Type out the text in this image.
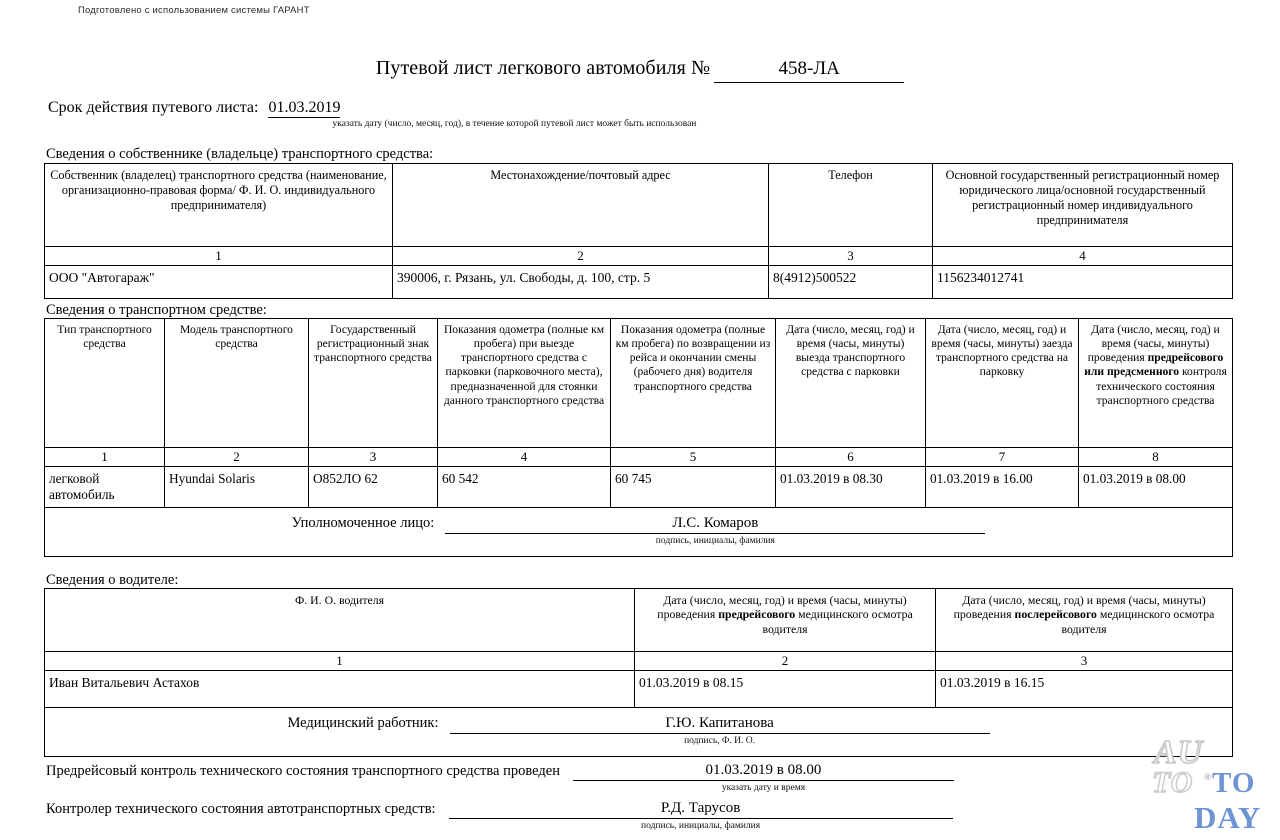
Подготовлено с использованием системы ГАРАНТ
Путевой лист легкового автомобиля №	458-ЛА
Срок действия путевого листа: 01.03.2019
указать дату (число, месяц, год), в течение которой путевой лист может быть использован
Сведения о собственнике (владельце) транспортного средства:
Собственник (владелец) транспортного средства (наименование, организационно-правовая форма/ Ф. И. О. индивидуального предпринимателя)	Местонахождение/почтовый адрес	Телефон	Основной государственный регистрационный номер юридического лица/основной государственный регистрационный номер индивидуального предпринимателя
1	2	3	4
ООО "Автогараж"	390006, г. Рязань, ул. Свободы, д. 100, стр. 5	8(4912)500522	1156234012741
Сведения о транспортном средстве:
Тип транспортного средства	Модель транспортного средства	Государственный регистрационный знак транспортного средства	Показания одометра (полные км пробега) при выезде транспортного средства с парковки (парковочного места), предназначенной для стоянки данного транспортного средства	Показания одометра (полные км пробега) по возвращении из рейса и окончании смены (рабочего дня) водителя транспортного средства	Дата (число, месяц, год) и время (часы, минуты) выезда транспортного средства с парковки	Дата (число, месяц, год) и время (часы, минуты) заезда транспортного средства на парковку	Дата (число, месяц, год) и время (часы, минуты) проведения предрейсового или предсменного контроля технического состояния транспортного средства
1	2	3	4	5	6	7	8
легковой автомобиль	Hyundai Solaris	О852ЛО 62	60 542	60 745	01.03.2019 в 08.30	01.03.2019 в 16.00	01.03.2019 в 08.00

Уполномоченное лицо: Л.С. Комаров
подпись, инициалы, фамилия							
Сведения о водителе:
Ф. И. О. водителя	Дата (число, месяц, год) и время (часы, минуты) проведения предрейсового медицинского осмотра водителя	Дата (число, месяц, год) и время (часы, минуты) проведения послерейсового медицинского осмотра водителя
1	2	3
Иван Витальевич Астахов	01.03.2019 в 08.15	01.03.2019 в 16.15

Медицинский работник: Г.Ю. Капитанова
подпись, Ф. И. О.		
Предрейсовый контроль технического состояния транспортного средства проведен	01.03.2019 в 08.00
указать дату и время
Контролер технического состояния автотранспортных средств:	Р.Д. Тарусов
подпись, инициалы, фамилия
AU
TO ® TO
DAY
